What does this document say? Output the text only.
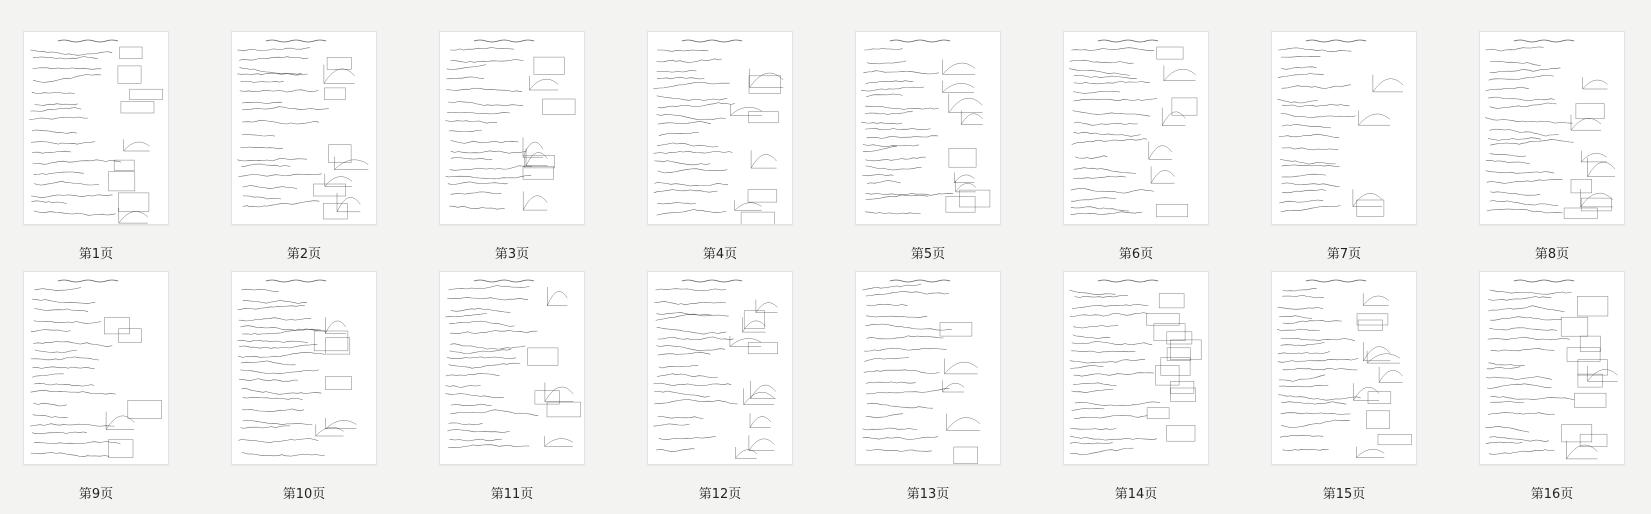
第1页	第2页	第3页	第4页	第5页	第6页	第7页	第8页
第9页	第10页	第11页	第12页	第13页	第14页	第15页	第16页
